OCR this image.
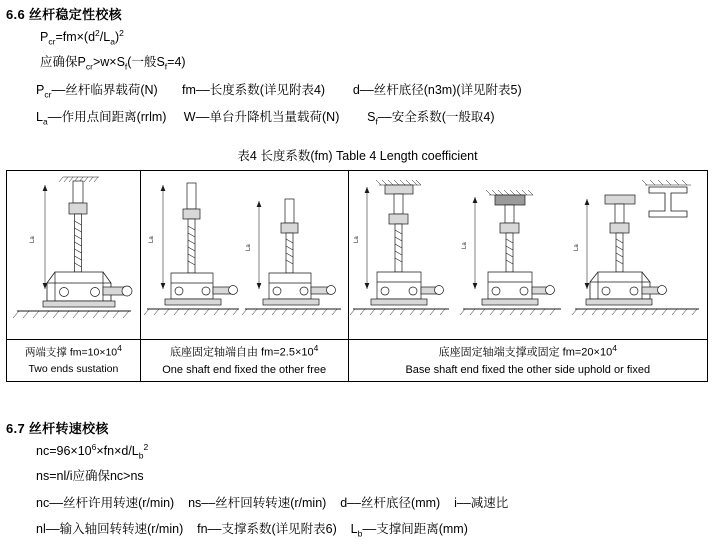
6.6 丝杆稳定性校核
$P_{cr}=fm\times(d^2/L_a)^2$
应确保$P_{cr}>w\times S_f$(一般$S_f=4$)
$P_{cr}--$丝杆临界载荷(N)       fm––长度系数(详见附表4)        d––丝杆底径(n3m)(详见附表5)
$L_a--$作用点间距离(rrlm)     W––单台升降机当量载荷(N)        $S_f--$安全系数(一般取4)
表4 长度系数(fm) Table 4 Length coefficient
La
两端支撑 $fm=10\times 10^4$
Two ends sustation
La
La
底座固定轴端自由 $fm=2.5\times 10^4$
One shaft end fixed the other free
La
La	La
底座固定轴端支撑或固定 $fm=20\times 10^4$
Base shaft end fixed the other side uphold or fixed
6.7 丝杆转速校核
$nc=96\times 10^6\times fn\times d/L_b^2$
ns=nl/i应确保nc>ns
nc––丝杆许用转速(r/min)    ns––丝杆回转转速(r/min)    d––丝杆底径(mm)    i––减速比
nl––输入轴回转转速(r/min)    fn––支撑系数(详见附表6)    $L_b--$支撑间距离(mm)
